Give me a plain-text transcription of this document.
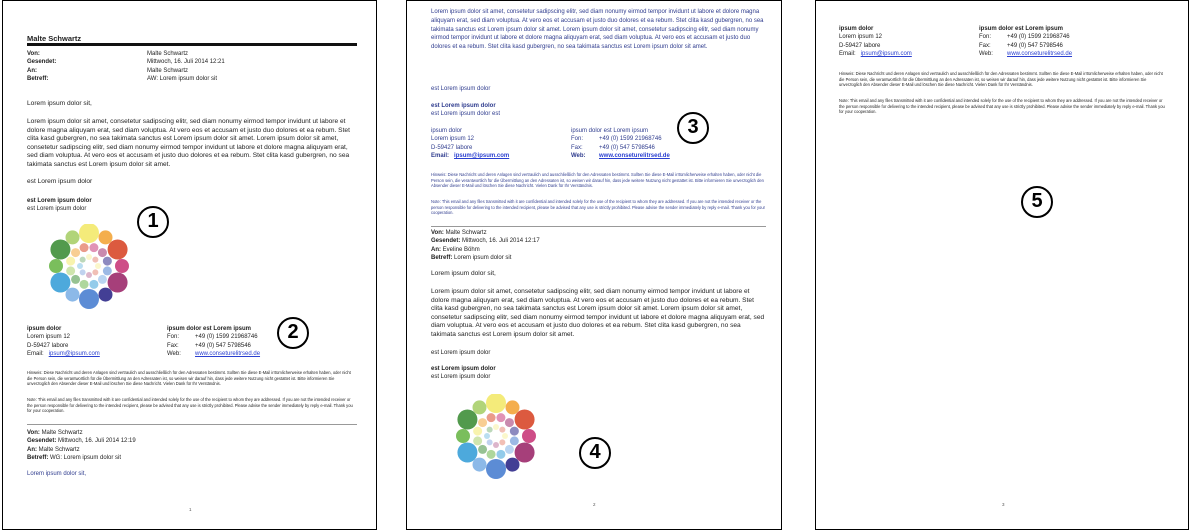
Malte Schwartz
Von:	Malte Schwartz
Gesendet:	Mittwoch, 16. Juli 2014 12:21
An:	Malte Schwartz
Betreff:	AW: Lorem ipsum dolor sit
Lorem ipsum dolor sit,
Lorem ipsum dolor sit amet, consetetur sadipscing elitr, sed diam nonumy eirmod tempor invidunt ut labore et dolore magna aliquyam erat, sed diam voluptua. At vero eos et accusam et justo duo dolores et ea rebum. Stet clita kasd gubergren, no sea takimata sanctus est Lorem ipsum dolor sit amet. Lorem ipsum dolor sit amet, consetetur sadipscing elitr, sed diam nonumy eirmod tempor invidunt ut labore et dolore magna aliquyam erat, sed diam voluptua. At vero eos et accusam et justo duo dolores et ea rebum. Stet clita kasd gubergren, no sea takimata sanctus est Lorem ipsum dolor sit amet.
est Lorem ipsum dolor
est Lorem ipsum dolor
est Lorem ipsum dolor
1
2
ipsum dolor
Lorem ipsum 12
D-59427 labore
Email: ipsum@ipsum.com
ipsum dolor est Lorem ipsum
Fon:	+49 (0) 1599 21968746
Fax:	+49 (0) 547 5798546
Web:	www.conseturelitrsed.de
Hinweis: Diese Nachricht und deren Anlagen sind vertraulich und ausschließlich für den Adressaten bestimmt. Sollten Sie diese E-Mail irrtümlicherweise erhalten haben, oder nicht die Person sein, die verantwortlich für die Übermittlung an den Adressaten ist, so weisen wir darauf hin, dass jede weitere Nutzung nicht gestattet ist. Bitte informieren Sie unverzüglich den Absender dieser E-Mail und löschen Sie diese Nachricht. Vielen Dank für Ihr Verständnis.
Note: This email and any files transmitted with it are confidential and intended solely for the use of the recipient to whom they are addressed. If you are not the intended receiver or the person responsible for delivering to the intended recipient, please be advised that any use is strictly prohibited. Please advise the sender immediately by reply e-mail. Thank you for your cooperation.
Von: Malte Schwartz
Gesendet: Mittwoch, 16. Juli 2014 12:19
An: Malte Schwartz
Betreff: WG: Lorem ipsum dolor sit
Lorem ipsum dolor sit,
1
Lorem ipsum dolor sit amet, consetetur sadipscing elitr, sed diam nonumy eirmod tempor invidunt ut labore et dolore magna aliquyam erat, sed diam voluptua. At vero eos et accusam et justo duo dolores et ea rebum. Stet clita kasd gubergren, no sea takimata sanctus est Lorem ipsum dolor sit amet. Lorem ipsum dolor sit amet, consetetur sadipscing elitr, sed diam nonumy eirmod tempor invidunt ut labore et dolore magna aliquyam erat, sed diam voluptua. At vero eos et accusam et justo duo dolores et ea rebum. Stet clita kasd gubergren, no sea takimata sanctus est Lorem ipsum dolor sit amet.
est Lorem ipsum dolor
est Lorem ipsum dolor
est Lorem ipsum dolor est
3
ipsum dolor
Lorem ipsum 12
D-59427 labore
Email: ipsum@ipsum.com
ipsum dolor est Lorem ipsum
Fon:	+49 (0) 1599 21968746
Fax:	+49 (0) 547 5798546
Web:	www.conseturelitrsed.de
Hinweis: Diese Nachricht und deren Anlagen sind vertraulich und ausschließlich für den Adressaten bestimmt. Sollten Sie diese E-Mail irrtümlicherweise erhalten haben, oder nicht die Person sein, die verantwortlich für die Übermittlung an den Adressaten ist, so weisen wir darauf hin, dass jede weitere Nutzung nicht gestattet ist. Bitte informieren Sie unverzüglich den Absender dieser E-Mail und löschen Sie diese Nachricht. Vielen Dank für Ihr Verständnis.
Note: This email and any files transmitted with it are confidential and intended solely for the use of the recipient to whom they are addressed. If you are not the intended receiver or the person responsible for delivering to the intended recipient, please be advised that any use is strictly prohibited. Please advise the sender immediately by reply e-mail. Thank you for your cooperation.
Von: Malte Schwartz
Gesendet: Mittwoch, 16. Juli 2014 12:17
An: Eveline Böhm
Betreff: Lorem ipsum dolor sit
Lorem ipsum dolor sit,
Lorem ipsum dolor sit amet, consetetur sadipscing elitr, sed diam nonumy eirmod tempor invidunt ut labore et dolore magna aliquyam erat, sed diam voluptua. At vero eos et accusam et justo duo dolores et ea rebum. Stet clita kasd gubergren, no sea takimata sanctus est Lorem ipsum dolor sit amet. Lorem ipsum dolor sit amet, consetetur sadipscing elitr, sed diam nonumy eirmod tempor invidunt ut labore et dolore magna aliquyam erat, sed diam voluptua. At vero eos et accusam et justo duo dolores et ea rebum. Stet clita kasd gubergren, no sea takimata sanctus est Lorem ipsum dolor sit amet.
est Lorem ipsum dolor
est Lorem ipsum dolor
est Lorem ipsum dolor
4
2
ipsum dolor
Lorem ipsum 12
D-59427 labore
Email: ipsum@ipsum.com
ipsum dolor est Lorem ipsum
Fon:	+49 (0) 1599 21968746
Fax:	+49 (0) 547 5798546
Web:	www.conseturelitrsed.de
Hinweis: Diese Nachricht und deren Anlagen sind vertraulich und ausschließlich für den Adressaten bestimmt. Sollten Sie diese E-Mail irrtümlicherweise erhalten haben, oder nicht die Person sein, die verantwortlich für die Übermittlung an den Adressaten ist, so weisen wir darauf hin, dass jede weitere Nutzung nicht gestattet ist. Bitte informieren Sie unverzüglich den Absender dieser E-Mail und löschen Sie diese Nachricht. Vielen Dank für Ihr Verständnis.
Note: This email and any files transmitted with it are confidential and intended solely for the use of the recipient to whom they are addressed. If you are not the intended receiver or the person responsible for delivering to the intended recipient, please be advised that any use is strictly prohibited. Please advise the sender immediately by reply e-mail. Thank you for your cooperation.
5
3
